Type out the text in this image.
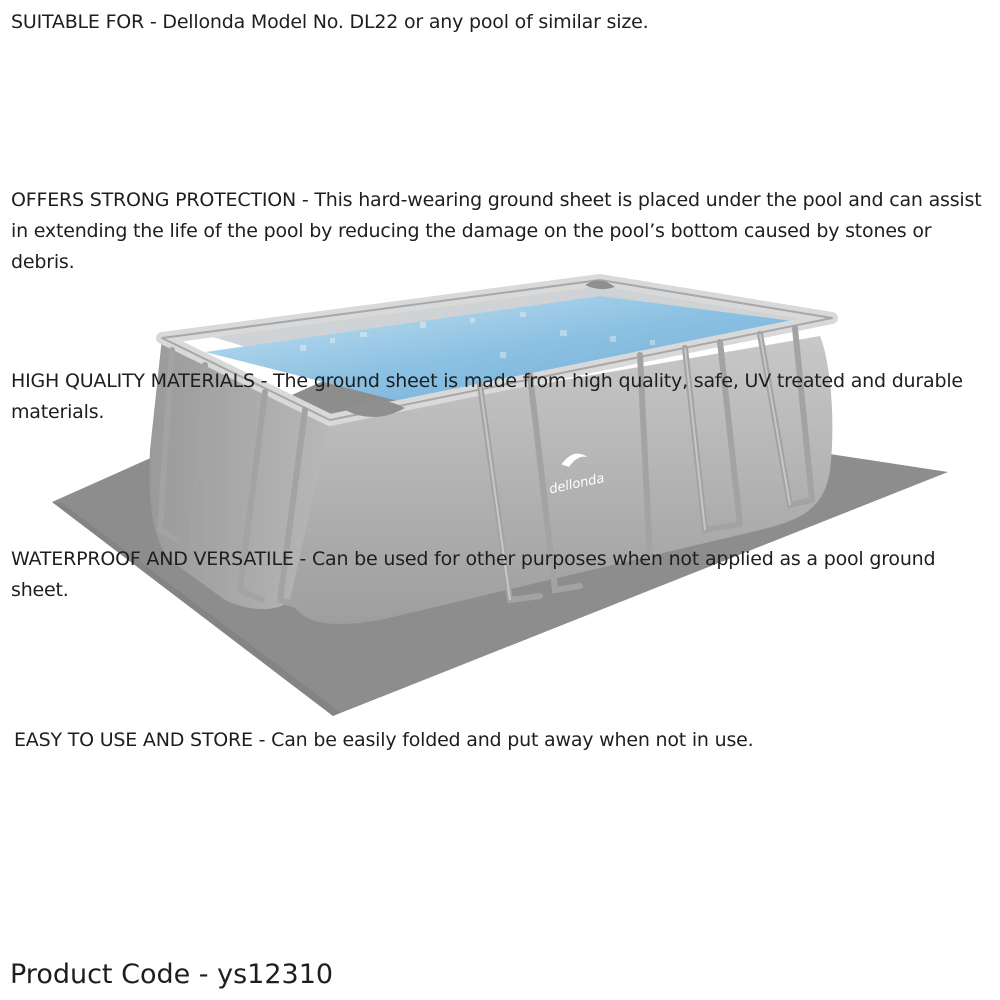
dellonda
SUITABLE FOR - Dellonda Model No. DL22 or any pool of similar size.
OFFERS STRONG PROTECTION - This hard-wearing ground sheet is placed under the pool and can assist in extending the life of the pool by reducing the damage on the pool’s bottom caused by stones or debris.
HIGH QUALITY MATERIALS - The ground sheet is made from high quality, safe, UV treated and durable materials.
WATERPROOF AND VERSATILE - Can be used for other purposes when not applied as a pool ground sheet.
EASY TO USE AND STORE - Can be easily folded and put away when not in use.
Product Code - ys12310
